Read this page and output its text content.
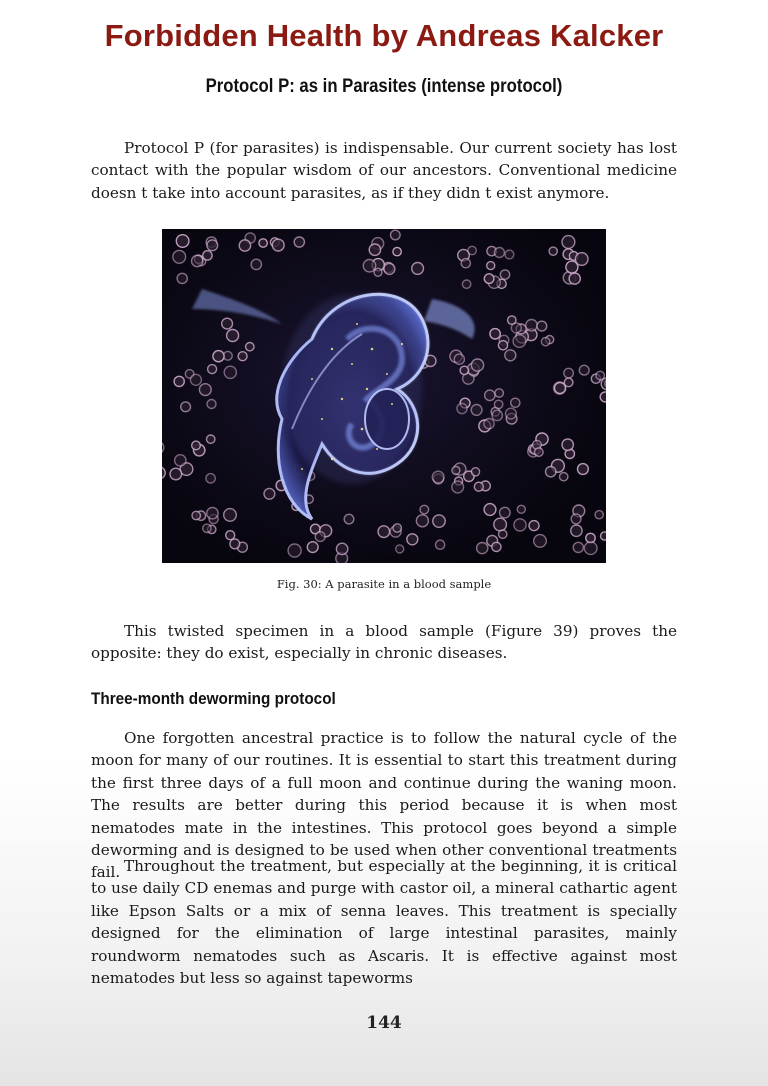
Forbidden Health by Andreas Kalcker
Protocol P: as in Parasites (intense protocol)

Protocol P (for parasites) is indispensable. Our current society has lost contact with the popular wisdom of our ancestors. Conventional medicine doesn t take into account parasites, as if they didn t exist anymore.

Fig. 30: A parasite in a blood sample

This twisted specimen in a blood sample (Figure 39) proves the opposite: they do exist, especially in chronic diseases.

Three-month deworming protocol

One forgotten ancestral practice is to follow the natural cycle of the moon for many of our routines. It is essential to start this treatment during the first three days of a full moon and continue during the waning moon. The results are better during this period because it is when most nematodes mate in the intestines. This protocol goes beyond a simple deworming and is designed to be used when other conventional treatments fail. Throughout the treatment, but especially at the beginning, it is critical to use daily CD enemas and purge with castor oil, a mineral cathartic agent like Epson Salts or a mix of senna leaves. This treatment is specially designed for the elimination of large intestinal parasites, mainly roundworm nematodes such as Ascaris. It is effective against most nematodes but less so against tapeworms

144
